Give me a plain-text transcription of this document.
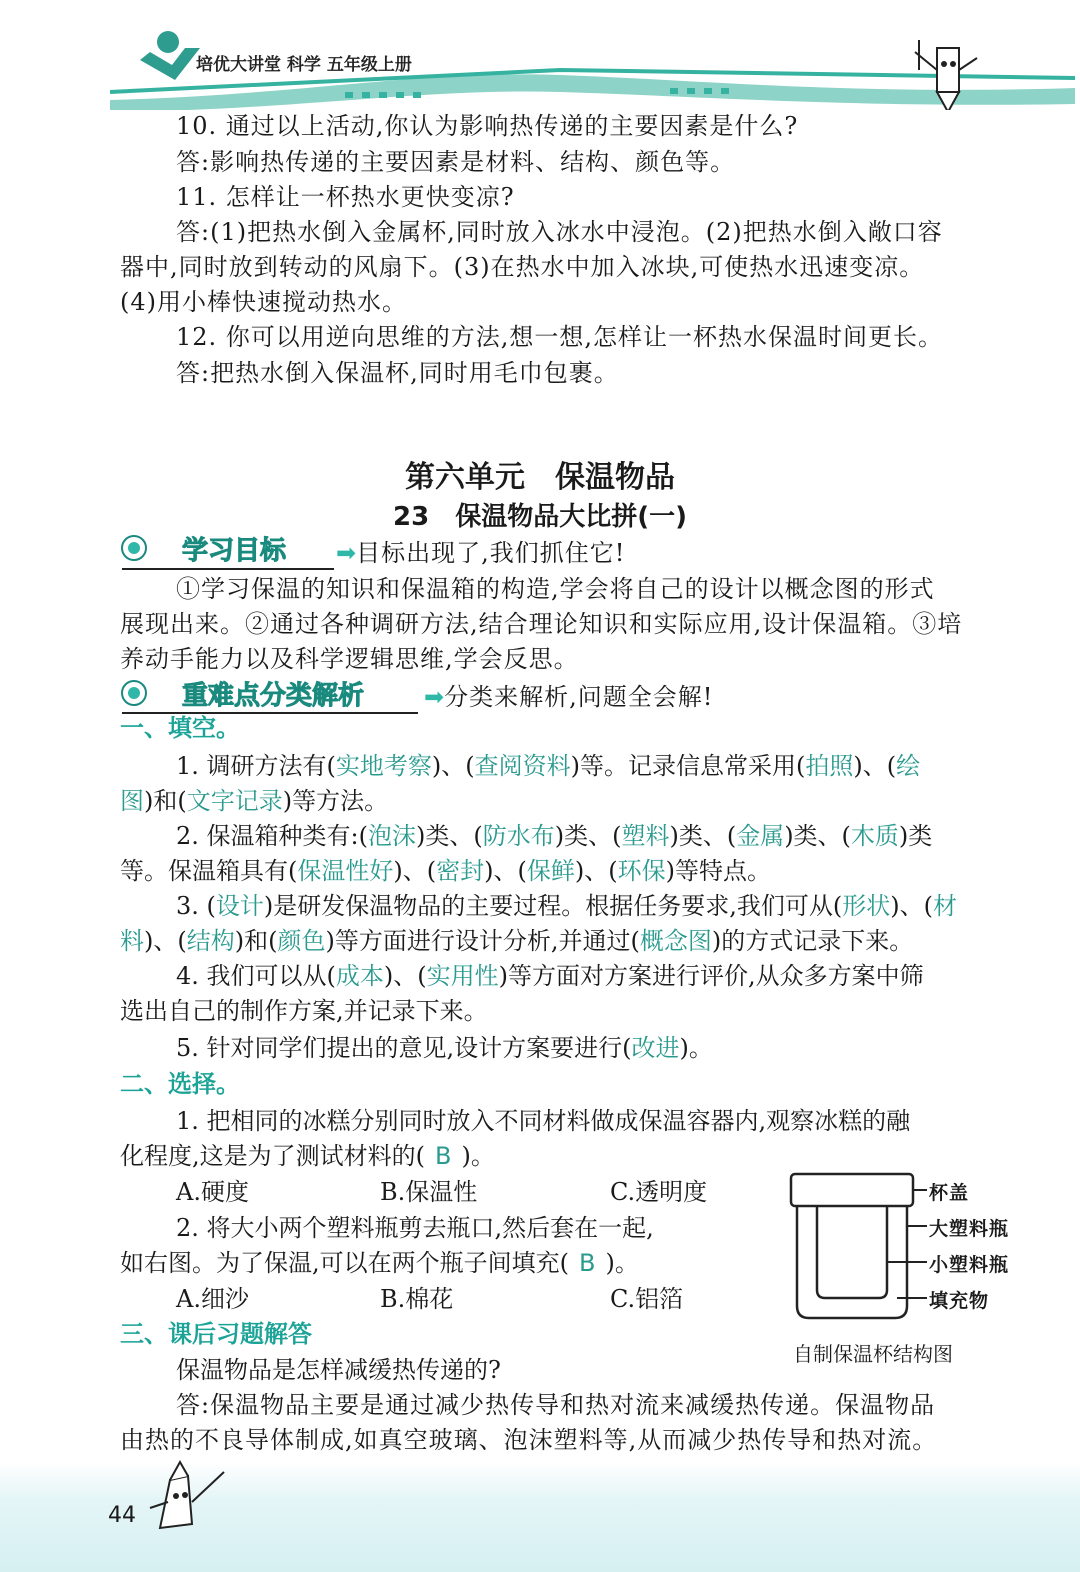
培优大讲堂 科学 五年级上册
10. 通过以上活动,你认为影响热传递的主要因素是什么?
答:影响热传递的主要因素是材料、结构、颜色等。
11. 怎样让一杯热水更快变凉?
答:(1)把热水倒入金属杯,同时放入冰水中浸泡。(2)把热水倒入敞口容
器中,同时放到转动的风扇下。(3)在热水中加入冰块,可使热水迅速变凉。
(4)用小棒快速搅动热水。
12. 你可以用逆向思维的方法,想一想,怎样让一杯热水保温时间更长。
答:把热水倒入保温杯,同时用毛巾包裹。
第六单元　保温物品
23　保温物品大比拼(一)
学习目标 ➡目标出现了,我们抓住它!
①学习保温的知识和保温箱的构造,学会将自己的设计以概念图的形式
展现出来。②通过各种调研方法,结合理论知识和实际应用,设计保温箱。③培
养动手能力以及科学逻辑思维,学会反思。
重难点分类解析 ➡分类来解析,问题全会解!
一、填空。
1. 调研方法有(实地考察)、(查阅资料)等。记录信息常采用(拍照)、(绘
图)和(文字记录)等方法。
2. 保温箱种类有:(泡沫)类、(防水布)类、(塑料)类、(金属)类、(木质)类
等。保温箱具有(保温性好)、(密封)、(保鲜)、(环保)等特点。
3. (设计)是研发保温物品的主要过程。根据任务要求,我们可从(形状)、(材
料)、(结构)和(颜色)等方面进行设计分析,并通过(概念图)的方式记录下来。
4. 我们可以从(成本)、(实用性)等方面对方案进行评价,从众多方案中筛
选出自己的制作方案,并记录下来。
5. 针对同学们提出的意见,设计方案要进行(改进)。
二、选择。
1. 把相同的冰糕分别同时放入不同材料做成保温容器内,观察冰糕的融
化程度,这是为了测试材料的( B )。
A.硬度	B.保温性	C.透明度
2. 将大小两个塑料瓶剪去瓶口,然后套在一起,
如右图。为了保温,可以在两个瓶子间填充( B )。
A.细沙	B.棉花	C.铝箔
杯盖
大塑料瓶
小塑料瓶
填充物
自制保温杯结构图
三、课后习题解答
保温物品是怎样减缓热传递的?
答:保温物品主要是通过减少热传导和热对流来减缓热传递。保温物品
由热的不良导体制成,如真空玻璃、泡沫塑料等,从而减少热传导和热对流。
44
